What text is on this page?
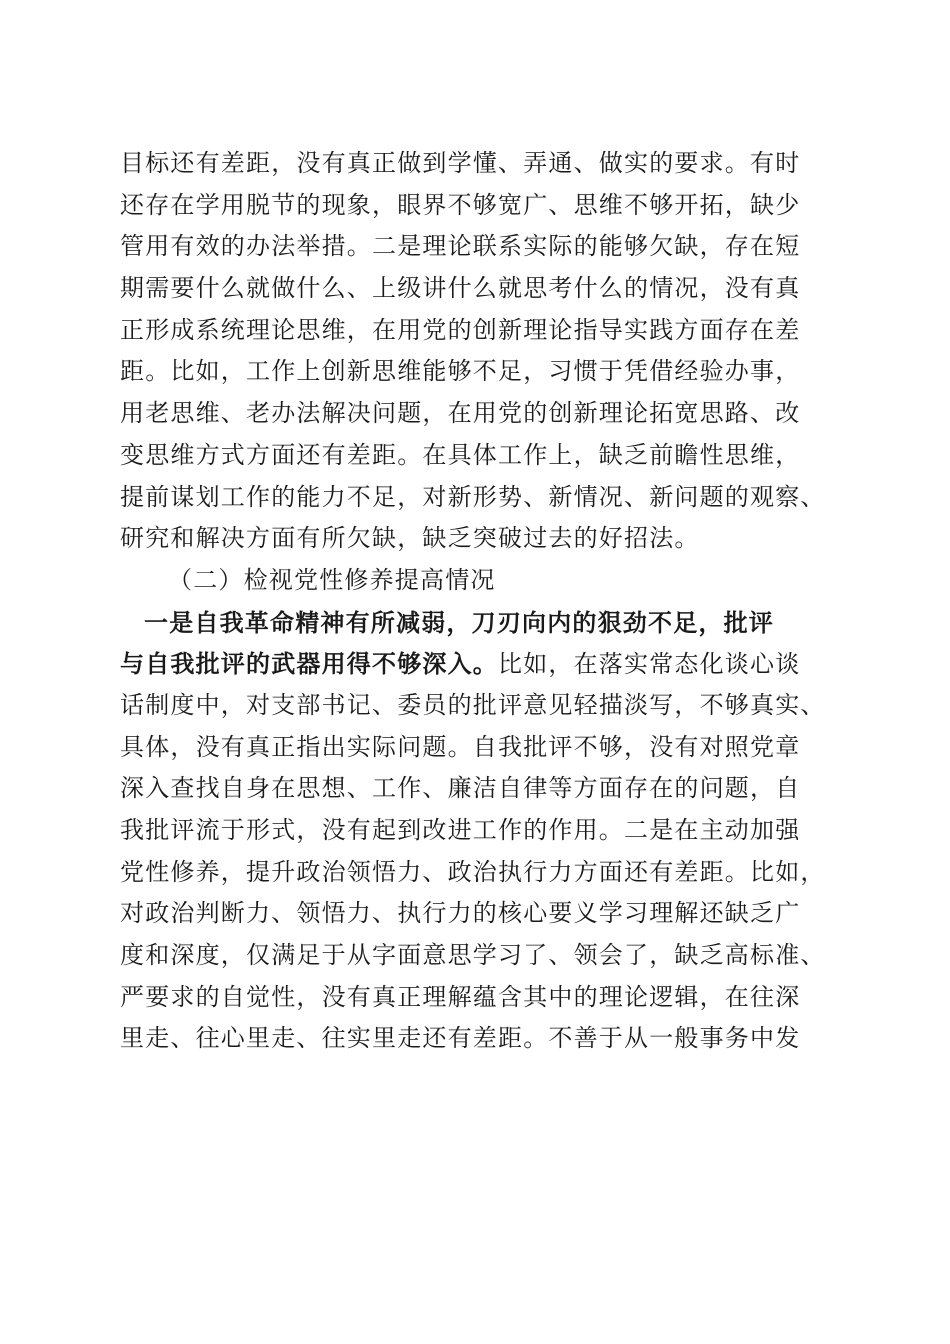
目标还有差距，没有真正做到学懂、弄通、做实的要求。有时
还存在学用脱节的现象，眼界不够宽广、思维不够开拓，缺少
管用有效的办法举措。二是理论联系实际的能够欠缺，存在短
期需要什么就做什么、上级讲什么就思考什么的情况，没有真
正形成系统理论思维，在用党的创新理论指导实践方面存在差
距。比如，工作上创新思维能够不足，习惯于凭借经验办事，
用老思维、老办法解决问题，在用党的创新理论拓宽思路、改
变思维方式方面还有差距。在具体工作上，缺乏前瞻性思维，
提前谋划工作的能力不足，对新形势、新情况、新问题的观察、
研究和解决方面有所欠缺，缺乏突破过去的好招法。
（二）检视党性修养提高情况
一是自我革命精神有所减弱，刀刃向内的狠劲不足，批评
与自我批评的武器用得不够深入。比如，在落实常态化谈心谈
话制度中，对支部书记、委员的批评意见轻描淡写，不够真实、
具体，没有真正指出实际问题。自我批评不够，没有对照党章
深入查找自身在思想、工作、廉洁自律等方面存在的问题，自
我批评流于形式，没有起到改进工作的作用。二是在主动加强
党性修养，提升政治领悟力、政治执行力方面还有差距。比如，
对政治判断力、领悟力、执行力的核心要义学习理解还缺乏广
度和深度，仅满足于从字面意思学习了、领会了，缺乏高标准、
严要求的自觉性，没有真正理解蕴含其中的理论逻辑，在往深
里走、往心里走、往实里走还有差距。不善于从一般事务中发
